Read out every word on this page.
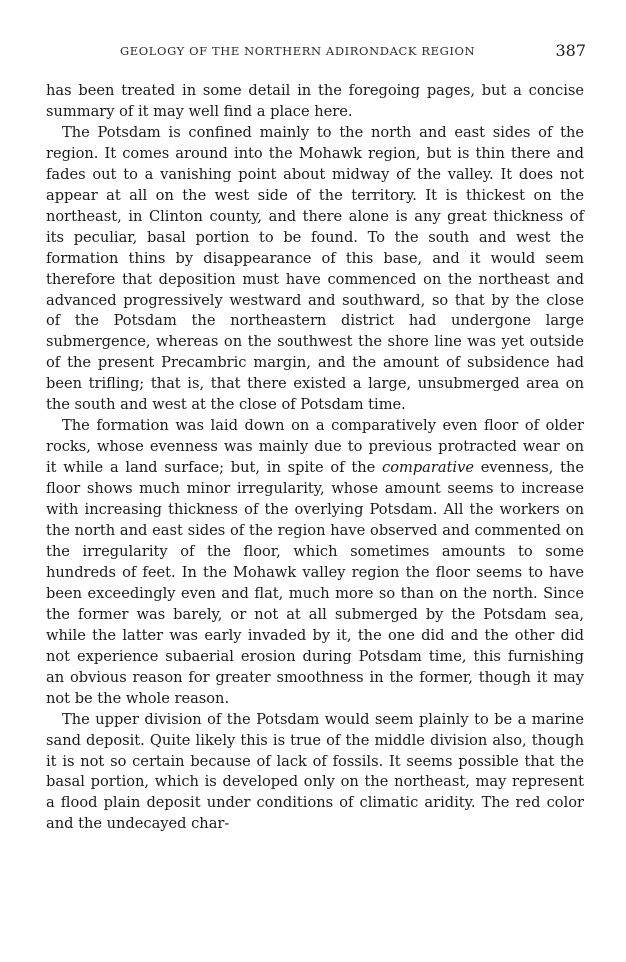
GEOLOGY OF THE NORTHERN ADIRONDACK REGION	387

has been treated in some detail in the foregoing pages, but a concise summary of it may well find a place here.

The Potsdam is confined mainly to the north and east sides of the region. It comes around into the Mohawk region, but is thin there and fades out to a vanishing point about midway of the valley. It does not appear at all on the west side of the territory. It is thickest on the northeast, in Clinton county, and there alone is any great thickness of its peculiar, basal portion to be found. To the south and west the formation thins by disappearance of this base, and it would seem therefore that deposition must have commenced on the northeast and advanced progressively westward and southward, so that by the close of the Potsdam the northeastern district had undergone large submergence, whereas on the southwest the shore line was yet outside of the present Precambric margin, and the amount of subsidence had been trifling; that is, that there existed a large, unsubmerged area on the south and west at the close of Potsdam time.

The formation was laid down on a comparatively even floor of older rocks, whose evenness was mainly due to previous protracted wear on it while a land surface; but, in spite of the comparative evenness, the floor shows much minor irregularity, whose amount seems to increase with increasing thickness of the overlying Potsdam. All the workers on the north and east sides of the region have observed and commented on the irregularity of the floor, which sometimes amounts to some hundreds of feet. In the Mohawk valley region the floor seems to have been exceedingly even and flat, much more so than on the north. Since the former was barely, or not at all submerged by the Potsdam sea, while the latter was early invaded by it, the one did and the other did not experience subaerial erosion during Potsdam time, this furnishing an obvious reason for greater smoothness in the former, though it may not be the whole reason.

The upper division of the Potsdam would seem plainly to be a marine sand deposit. Quite likely this is true of the middle division also, though it is not so certain because of lack of fossils. It seems possible that the basal portion, which is developed only on the northeast, may represent a flood plain deposit under conditions of climatic aridity. The red color and the undecayed char-
